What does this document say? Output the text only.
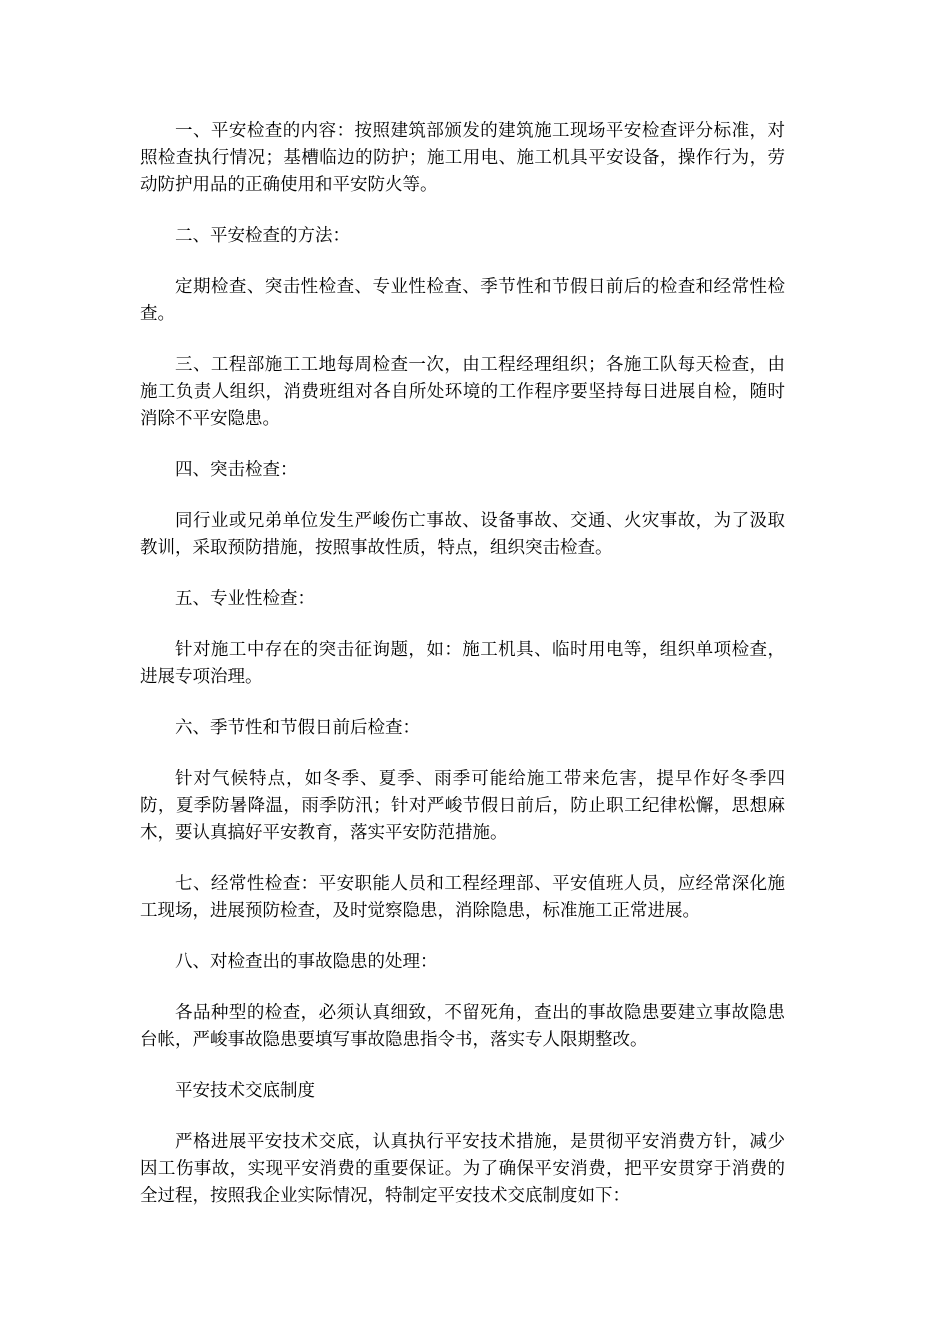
一、平安检查的内容：按照建筑部颁发的建筑施工现场平安检查评分标准，对照检查执行情况；基槽临边的防护；施工用电、施工机具平安设备，操作行为，劳动防护用品的正确使用和平安防火等。

二、平安检查的方法：

定期检查、突击性检查、专业性检查、季节性和节假日前后的检查和经常性检查。

三、工程部施工工地每周检查一次，由工程经理组织；各施工队每天检查，由施工负责人组织，消费班组对各自所处环境的工作程序要坚持每日进展自检，随时消除不平安隐患。

四、突击检查：

同行业或兄弟单位发生严峻伤亡事故、设备事故、交通、火灾事故，为了汲取教训，采取预防措施，按照事故性质，特点，组织突击检查。

五、专业性检查：

针对施工中存在的突击征询题，如：施工机具、临时用电等，组织单项检查，进展专项治理。

六、季节性和节假日前后检查：

针对气候特点，如冬季、夏季、雨季可能给施工带来危害，提早作好冬季四防，夏季防暑降温，雨季防汛；针对严峻节假日前后，防止职工纪律松懈，思想麻木，要认真搞好平安教育，落实平安防范措施。

七、经常性检查：平安职能人员和工程经理部、平安值班人员，应经常深化施工现场，进展预防检查，及时觉察隐患，消除隐患，标准施工正常进展。

八、对检查出的事故隐患的处理：

各品种型的检查，必须认真细致，不留死角，查出的事故隐患要建立事故隐患台帐，严峻事故隐患要填写事故隐患指令书，落实专人限期整改。

平安技术交底制度

严格进展平安技术交底，认真执行平安技术措施，是贯彻平安消费方针，减少因工伤事故，实现平安消费的重要保证。为了确保平安消费，把平安贯穿于消费的全过程，按照我企业实际情况，特制定平安技术交底制度如下：
